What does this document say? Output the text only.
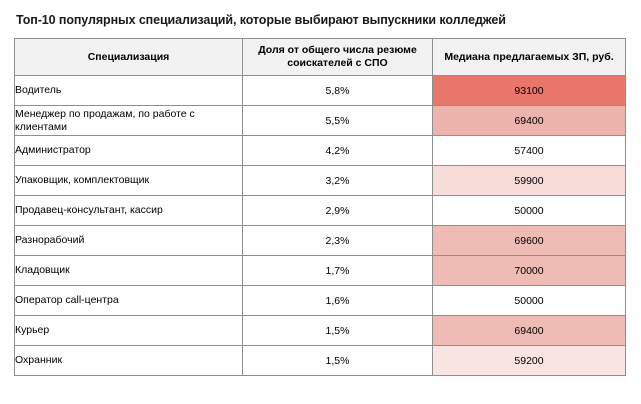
Топ-10 популярных специализаций, которые выбирают выпускники колледжей
Специализация	Доля от общего числа резюме соискателей с СПО	Медиана предлагаемых ЗП, руб.
Водитель	5,8%	93100
Менеджер по продажам, по работе с клиентами	5,5%	69400
Администратор	4,2%	57400
Упаковщик, комплектовщик	3,2%	59900
Продавец-консультант, кассир	2,9%	50000
Разнорабочий	2,3%	69600
Кладовщик	1,7%	70000
Оператор call-центра	1,6%	50000
Курьер	1,5%	69400
Охранник	1,5%	59200
